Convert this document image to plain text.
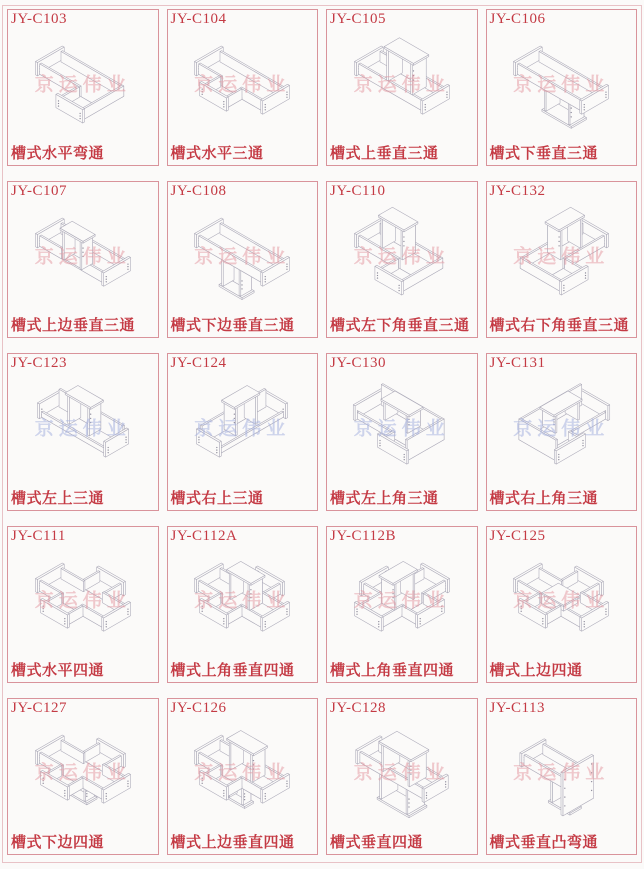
JY-C103
京运伟业
槽式水平弯通
JY-C104
京运伟业
槽式水平三通
JY-C105
京运伟业
槽式上垂直三通
JY-C106
京运伟业
槽式下垂直三通
JY-C107
京运伟业
槽式上边垂直三通
JY-C108
京运伟业
槽式下边垂直三通
JY-C110
京运伟业
槽式左下角垂直三通
JY-C132
京运伟业
槽式右下角垂直三通
JY-C123
京运伟业
槽式左上三通
JY-C124
京运伟业
槽式右上三通
JY-C130
京运伟业
槽式左上角三通
JY-C131
京运伟业
槽式右上角三通
JY-C111
京运伟业
槽式水平四通
JY-C112A
京运伟业
槽式上角垂直四通
JY-C112B
京运伟业
槽式上角垂直四通
JY-C125
京运伟业
槽式上边四通
JY-C127
京运伟业
槽式下边四通
JY-C126
京运伟业
槽式上边垂直四通
JY-C128
京运伟业
槽式垂直四通
JY-C113
京运伟业
槽式垂直凸弯通
